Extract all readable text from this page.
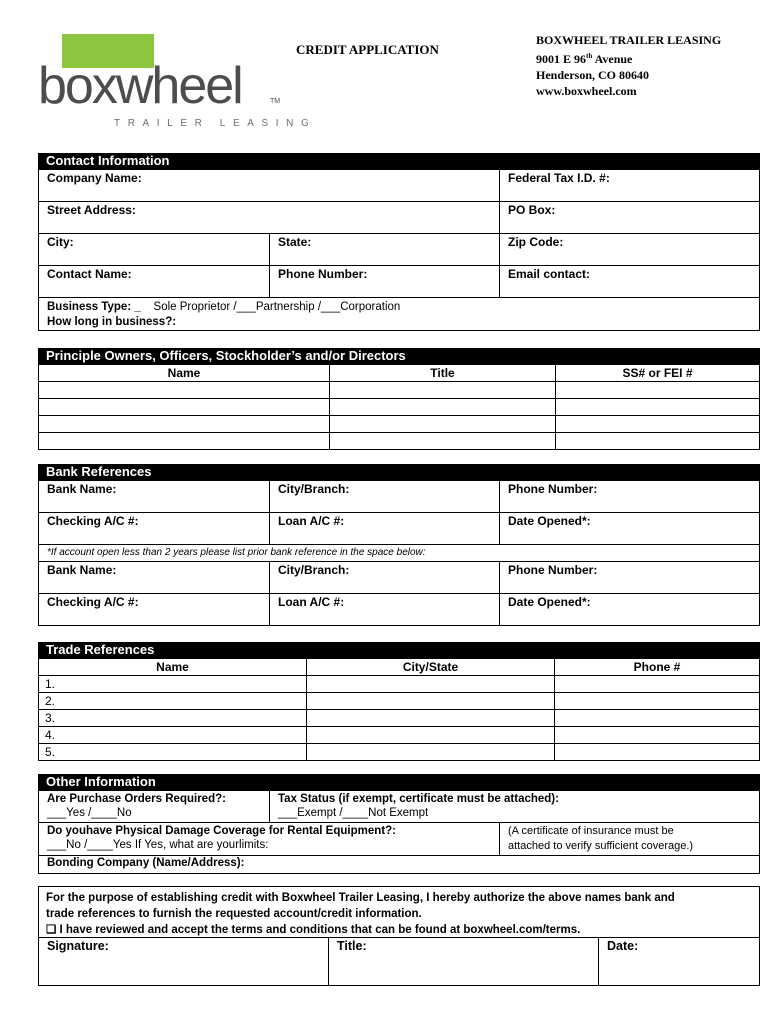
boxwheel	TM
TRAILER LEASING
CREDIT APPLICATION
BOXWHEEL TRAILER LEASING
9001 E 96th Avenue
Henderson, CO 80640
www.boxwheel.com
Contact Information
Company Name:	Federal Tax I.D. #:
Street Address:	PO Box:
City:	State:	Zip Code:
Contact Name:	Phone Number:	Email contact:
Business Type: _ Sole Proprietor /___Partnership /___Corporation
How long in business?:
Principle Owners, Officers, Stockholder’s and/or Directors
Name	Title	SS# or FEI #

Bank References
Bank Name:	City/Branch:	Phone Number:
Checking A/C #:	Loan A/C #:	Date Opened*:
*If account open less than 2 years please list prior bank reference in the space below:
Bank Name:	City/Branch:	Phone Number:
Checking A/C #:	Loan A/C #:	Date Opened*:
Trade References
Name	City/State	Phone #
1.		
2.		
3.		
4.		
5.		
Other Information
Are Purchase Orders Required?:
___Yes /____No
Tax Status (if exempt, certificate must be attached):
___Exempt /____Not Exempt
Do youhave Physical Damage Coverage for Rental Equipment?:
___No /____Yes If Yes, what are yourlimits:
(A certificate of insurance must be
attached to verify sufficient coverage.)
Bonding Company (Name/Address):
For the purpose of establishing credit with Boxwheel Trailer Leasing, I hereby authorize the above names bank and
trade references to furnish the requested account/credit information.
❑ I have reviewed and accept the terms and conditions that can be found at boxwheel.com/terms.
Signature:	Title:	Date:
